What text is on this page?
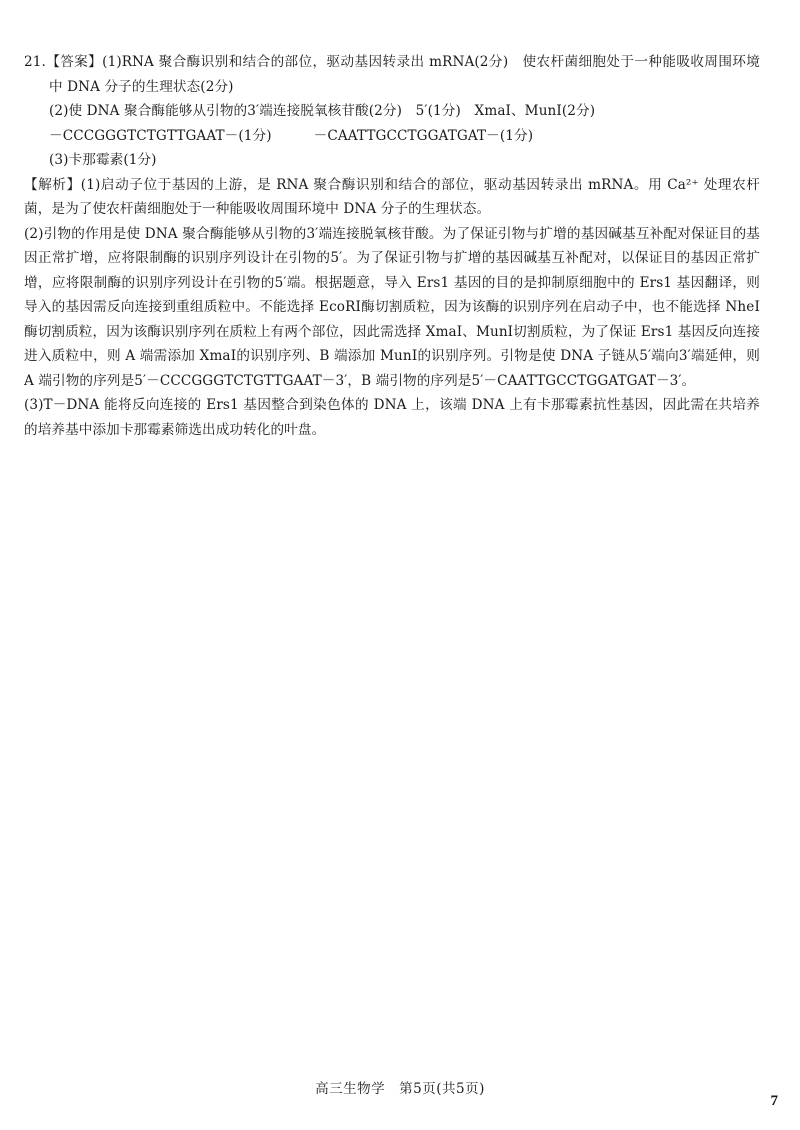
21.【答案】(1)RNA 聚合酶识别和结合的部位，驱动基因转录出 mRNA(2分)　使农杆菌细胞处于一种能吸收周围环境中 DNA 分子的生理状态(2分)

(2)使 DNA 聚合酶能够从引物的3′端连接脱氧核苷酸(2分)　5′(1分)　XmaⅠ、MunⅠ(2分)

－CCCGGGTCTGTTGAAT－(1分)	－CAATTGCCTGGATGAT－(1分)

(3)卡那霉素(1分)

【解析】(1)启动子位于基因的上游，是 RNA 聚合酶识别和结合的部位，驱动基因转录出 mRNA。用 Ca²⁺ 处理农杆菌，是为了使农杆菌细胞处于一种能吸收周围环境中 DNA 分子的生理状态。

(2)引物的作用是使 DNA 聚合酶能够从引物的3′端连接脱氧核苷酸。为了保证引物与扩增的基因碱基互补配对保证目的基因正常扩增，应将限制酶的识别序列设计在引物的5′。为了保证引物与扩增的基因碱基互补配对，以保证目的基因正常扩增，应将限制酶的识别序列设计在引物的5′端。根据题意，导入 Ers1 基因的目的是抑制原细胞中的 Ers1 基因翻译，则导入的基因需反向连接到重组质粒中。不能选择 EcoRⅠ酶切割质粒，因为该酶的识别序列在启动子中，也不能选择 NheⅠ酶切割质粒，因为该酶识别序列在质粒上有两个部位，因此需选择 XmaⅠ、MunⅠ切割质粒，为了保证 Ers1 基因反向连接进入质粒中，则 A 端需添加 XmaⅠ的识别序列、B 端添加 MunⅠ的识别序列。引物是使 DNA 子链从5′端向3′端延伸，则 A 端引物的序列是5′－CCCGGGTCTGTTGAAT－3′，B 端引物的序列是5′－CAATTGCCTGGATGAT－3′。

(3)T－DNA 能将反向连接的 Ers1 基因整合到染色体的 DNA 上，该端 DNA 上有卡那霉素抗性基因，因此需在共培养的培养基中添加卡那霉素筛选出成功转化的叶盘。

高三生物学　第5页(共5页)
7
